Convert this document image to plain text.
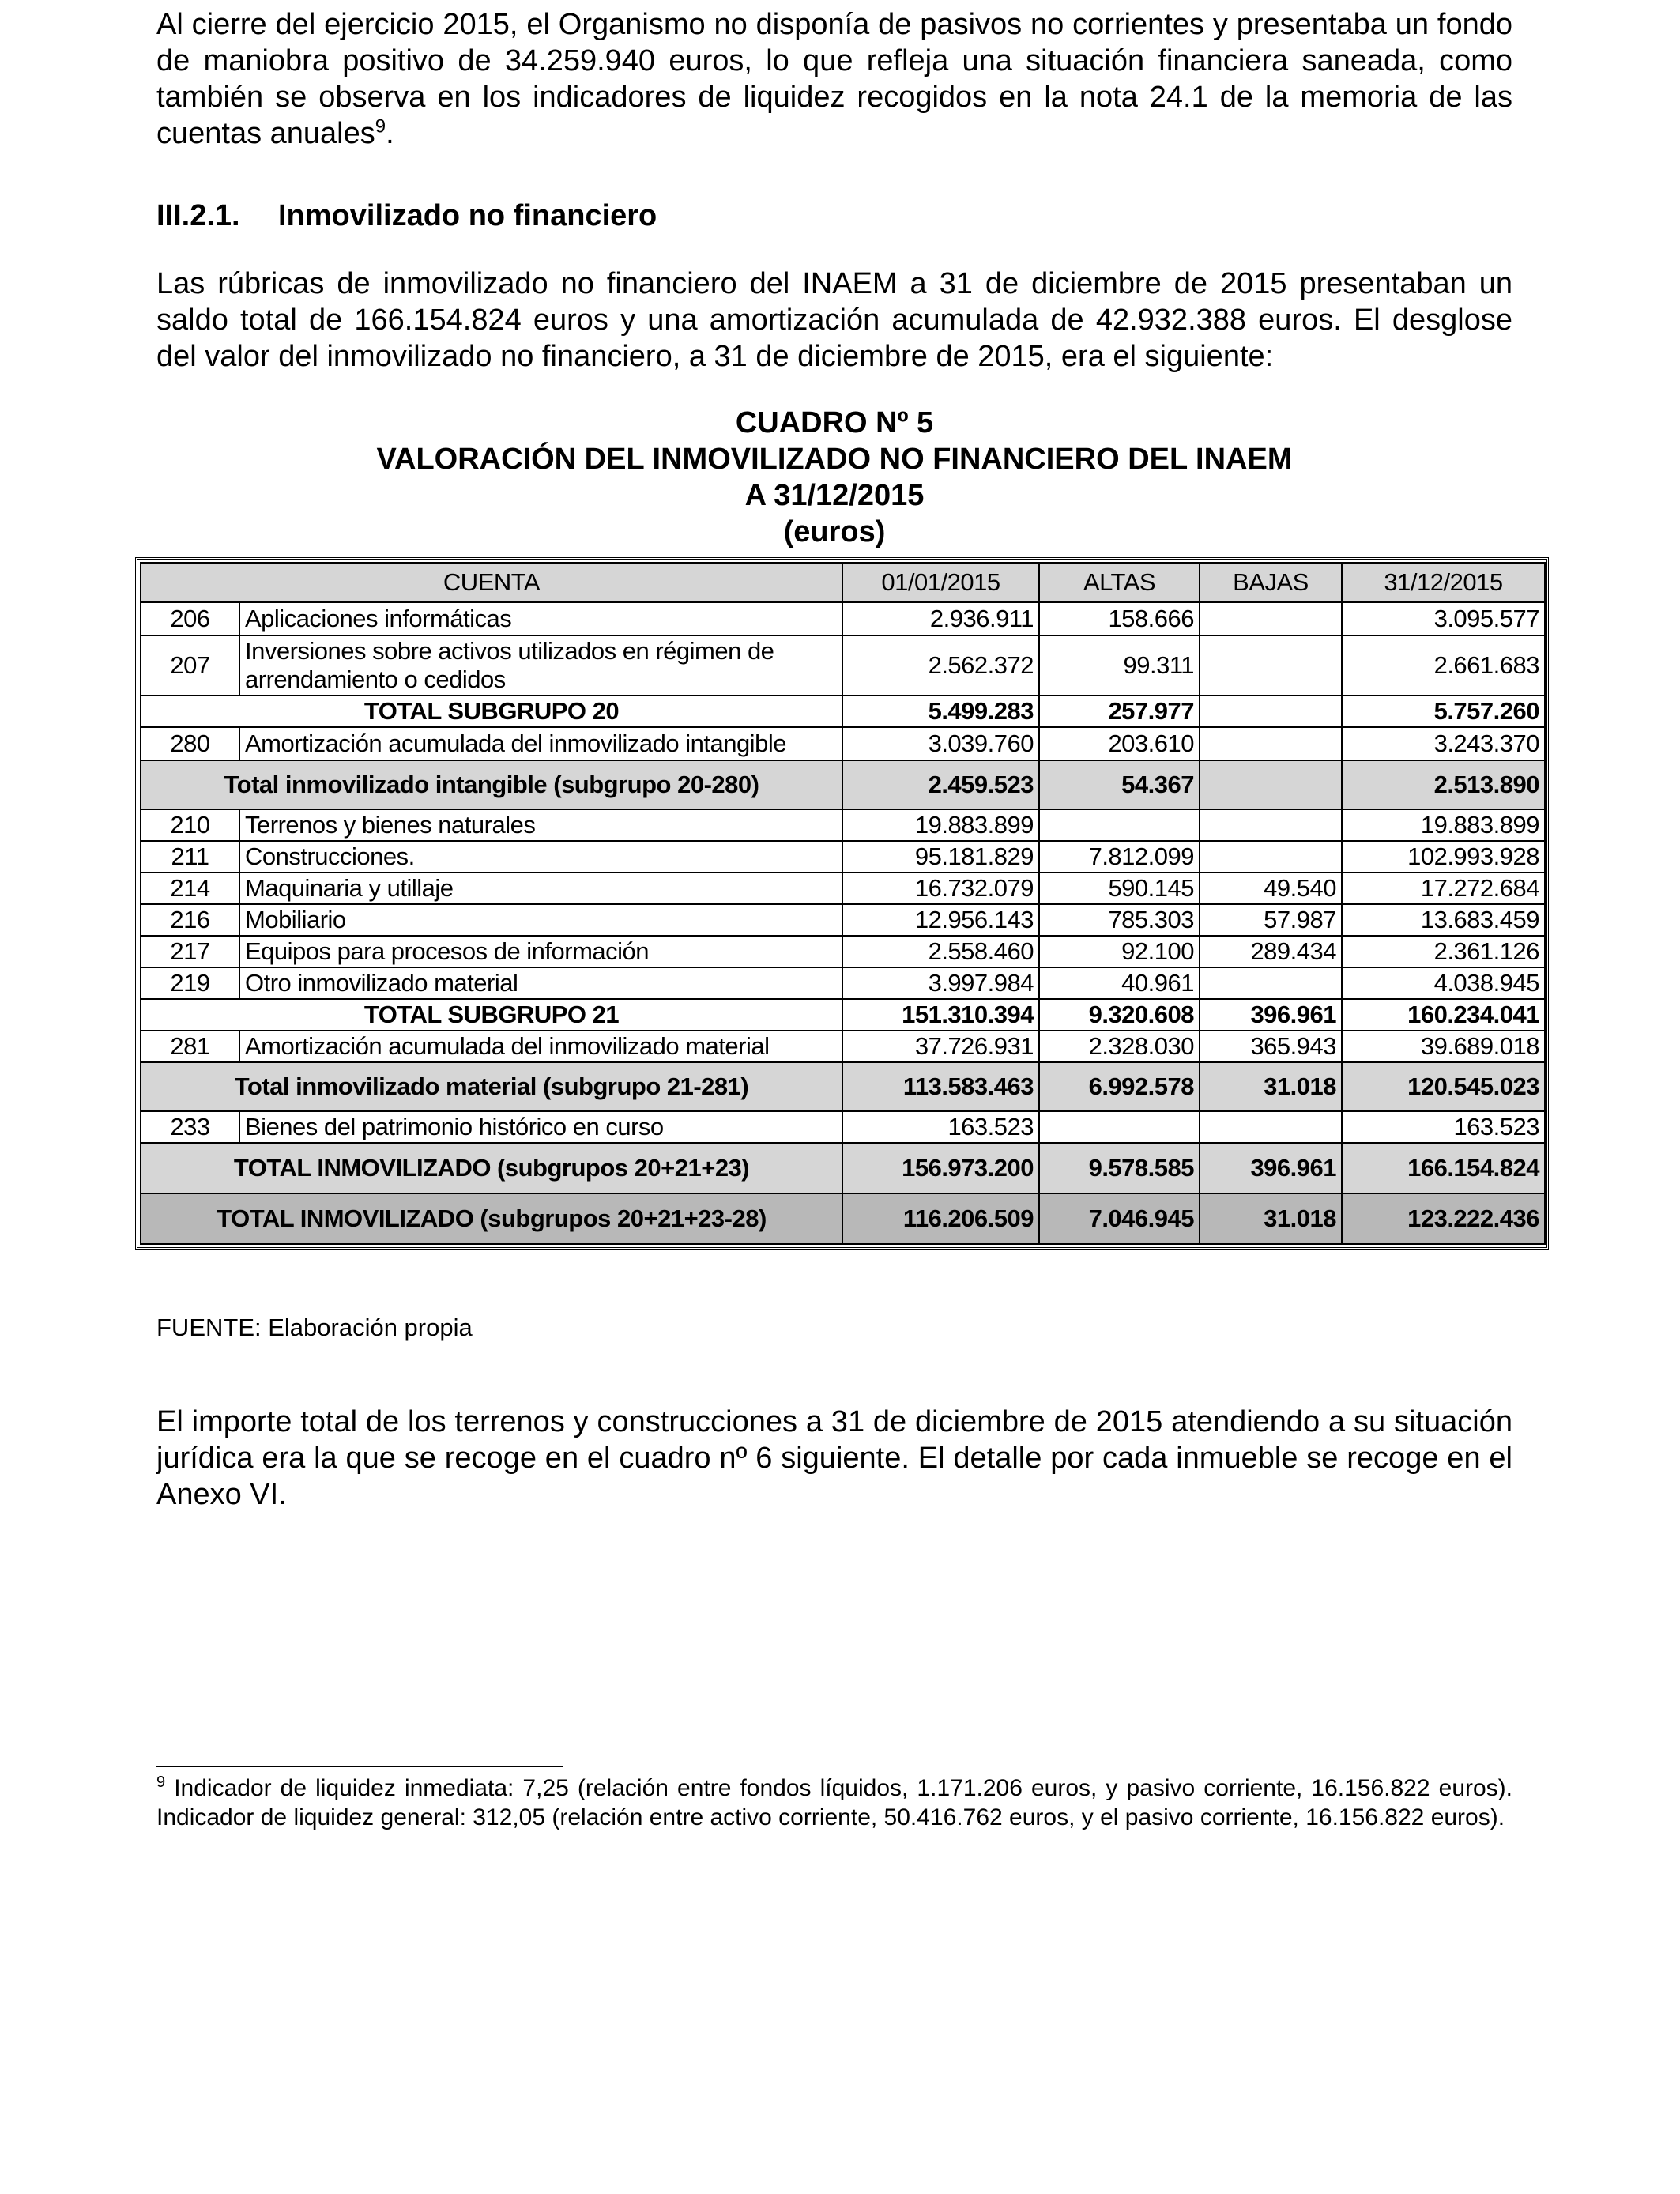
Al cierre del ejercicio 2015, el Organismo no disponía de pasivos no corrientes y presentaba un fondo de maniobra positivo de 34.259.940 euros, lo que refleja una situación financiera saneada, como también se observa en los indicadores de liquidez recogidos en la nota 24.1 de la memoria de las cuentas anuales$^9$.

III.2.1. Inmovilizado no financiero

Las rúbricas de inmovilizado no financiero del INAEM a 31 de diciembre de 2015 presentaban un saldo total de 166.154.824 euros y una amortización acumulada de 42.932.388 euros. El desglose del valor del inmovilizado no financiero, a 31 de diciembre de 2015, era el siguiente:

CUADRO Nº 5
VALORACIÓN DEL INMOVILIZADO NO FINANCIERO DEL INAEM
A 31/12/2015
(euros)
CUENTA		01/01/2015	ALTAS	BAJAS	31/12/2015
206	Aplicaciones informáticas	2.936.911	158.666		3.095.577
207	Inversiones sobre activos utilizados en régimen de arrendamiento o cedidos	2.562.372	99.311		2.661.683
TOTAL SUBGRUPO 20		5.499.283	257.977		5.757.260
280	Amortización acumulada del inmovilizado intangible	3.039.760	203.610		3.243.370
Total inmovilizado intangible (subgrupo 20-280)		2.459.523	54.367		2.513.890
210	Terrenos y bienes naturales	19.883.899			19.883.899
211	Construcciones.	95.181.829	7.812.099		102.993.928
214	Maquinaria y utillaje	16.732.079	590.145	49.540	17.272.684
216	Mobiliario	12.956.143	785.303	57.987	13.683.459
217	Equipos para procesos de información	2.558.460	92.100	289.434	2.361.126
219	Otro inmovilizado material	3.997.984	40.961		4.038.945
TOTAL SUBGRUPO 21		151.310.394	9.320.608	396.961	160.234.041
281	Amortización acumulada del inmovilizado material	37.726.931	2.328.030	365.943	39.689.018
Total inmovilizado material (subgrupo 21-281)		113.583.463	6.992.578	31.018	120.545.023
233	Bienes del patrimonio histórico en curso	163.523			163.523
TOTAL INMOVILIZADO (subgrupos 20+21+23)		156.973.200	9.578.585	396.961	166.154.824
TOTAL INMOVILIZADO (subgrupos 20+21+23-28)		116.206.509	7.046.945	31.018	123.222.436

FUENTE: Elaboración propia

El importe total de los terrenos y construcciones a 31 de diciembre de 2015 atendiendo a su situación jurídica era la que se recoge en el cuadro nº 6 siguiente. El detalle por cada inmueble se recoge en el Anexo VI.

$^9$ Indicador de liquidez inmediata: 7,25 (relación entre fondos líquidos, 1.171.206 euros, y pasivo corriente, 16.156.822 euros). Indicador de liquidez general: 312,05 (relación entre activo corriente, 50.416.762 euros, y el pasivo corriente, 16.156.822 euros).
